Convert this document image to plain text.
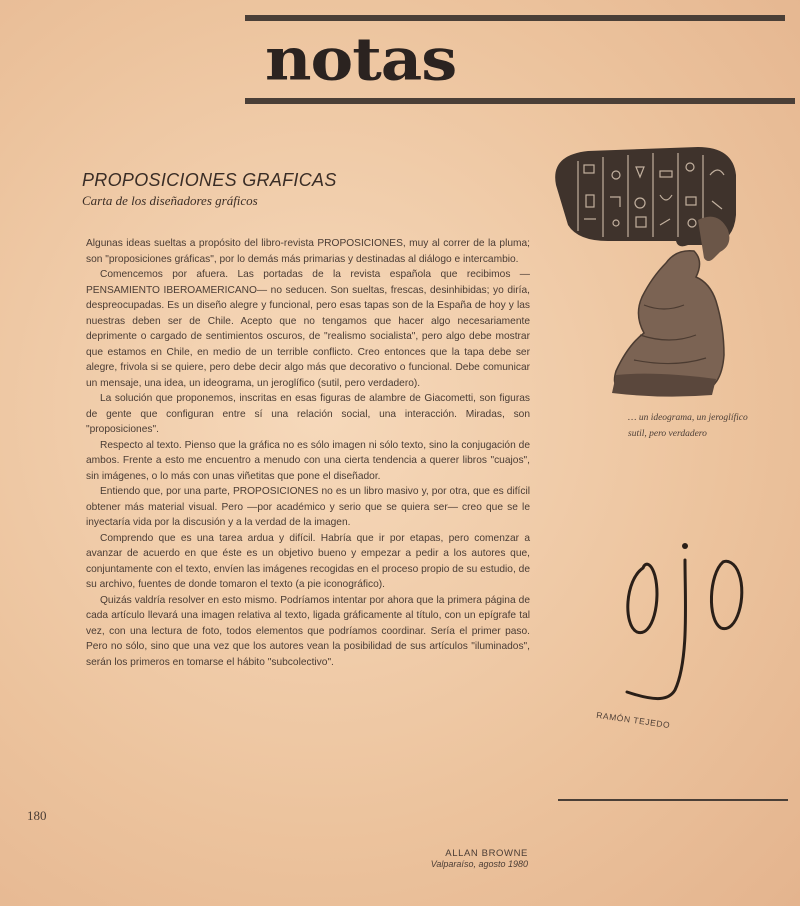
notas
PROPOSICIONES GRAFICAS
Carta de los diseñadores gráficos

Algunas ideas sueltas a propósito del libro-revista PROPOSICIONES, muy al correr de la pluma; son "proposiciones gráficas", por lo demás más primarias y destinadas al diálogo e intercambio.

Comencemos por afuera. Las portadas de la revista española que recibimos —PENSAMIENTO IBEROAMERICANO— no seducen. Son sueltas, frescas, desinhibidas; yo diría, despreocupadas. Es un diseño alegre y funcional, pero esas tapas son de la España de hoy y las nuestras deben ser de Chile. Acepto que no tengamos que hacer algo necesariamente deprimente o cargado de sentimientos oscuros, de "realismo socialista", pero algo debe mostrar que estamos en Chile, en medio de un terrible conflicto. Creo entonces que la tapa debe ser alegre, frivola si se quiere, pero debe decir algo más que decorativo o funcional. Debe comunicar un mensaje, una idea, un ideograma, un jeroglífico (sutil, pero verdadero).

La solución que proponemos, inscritas en esas figuras de alambre de Giacometti, son figuras de gente que configuran entre sí una relación social, una interacción. Miradas, son "proposiciones".

Respecto al texto. Pienso que la gráfica no es sólo imagen ni sólo texto, sino la conjugación de ambos. Frente a esto me encuentro a menudo con una cierta tendencia a querer libros "cuajos", sin imágenes, o lo más con unas viñetitas que pone el diseñador.

Entiendo que, por una parte, PROPOSICIONES no es un libro masivo y, por otra, que es difícil obtener más material visual. Pero —por académico y serio que se quiera ser— creo que se le inyectaría vida por la discusión y a la verdad de la imagen.

Comprendo que es una tarea ardua y difícil. Habría que ir por etapas, pero comenzar a avanzar de acuerdo en que éste es un objetivo bueno y empezar a pedir a los autores que, conjuntamente con el texto, envíen las imágenes recogidas en el proceso propio de su estudio, de su archivo, fuentes de donde tomaron el texto (a pie iconográfico).

Quizás valdría resolver en esto mismo. Podríamos intentar por ahora que la primera página de cada artículo llevará una imagen relativa al texto, ligada gráficamente al título, con un epígrafe tal vez, con una lectura de foto, todos elementos que podríamos coordinar. Sería el primer paso. Pero no sólo, sino que una vez que los autores vean la posibilidad de sus artículos "iluminados", serán los primeros en tomarse el hábito "subcolectivo".

180
ALLAN BROWNE
Valparaíso, agosto 1980
… un ideograma, un jeroglífico sutil, pero verdadero
RAMÓN TEJEDO
